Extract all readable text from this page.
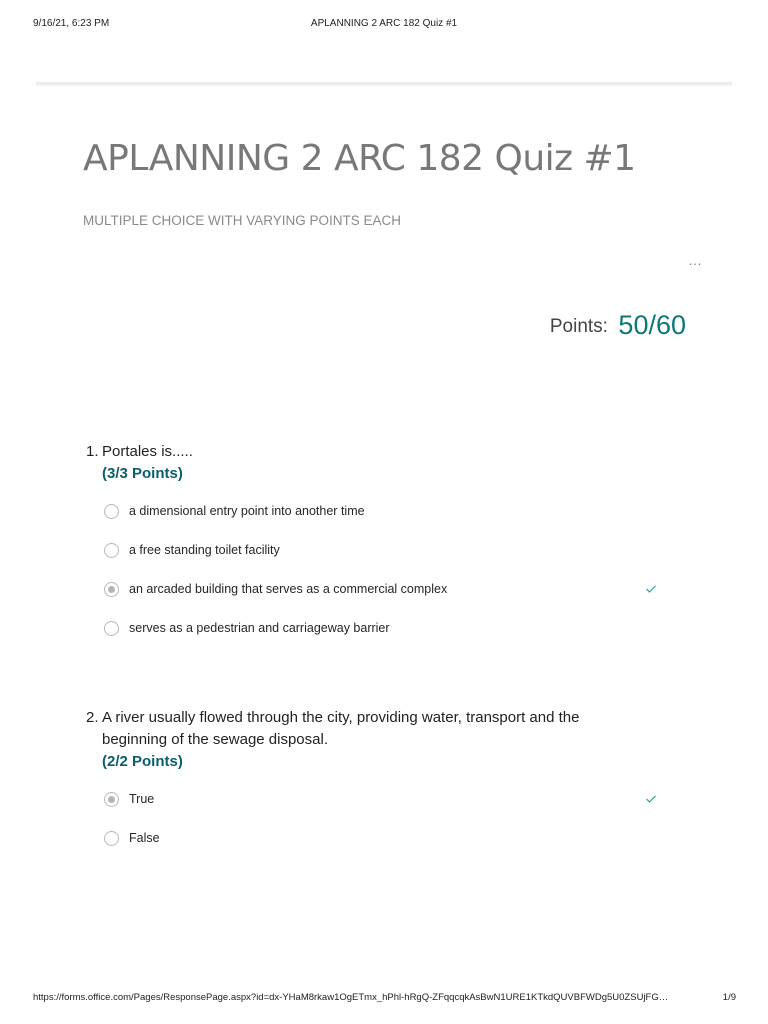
9/16/21, 6:23 PM	APLANNING 2 ARC 182 Quiz #1
APLANNING 2 ARC 182 Quiz #1
MULTIPLE CHOICE WITH VARYING POINTS EACH
…
Points: 50/60
1. Portales is.....
(3/3 Points)
a dimensional entry point into another time
a free standing toilet facility
an arcaded building that serves as a commercial complex
serves as a pedestrian and carriageway barrier
2. A river usually flowed through the city, providing water, transport and the
beginning of the sewage disposal.
(2/2 Points)
True
False
https://forms.office.com/Pages/ResponsePage.aspx?id=dx-YHaM8rkaw1OgETmx_hPhl-hRgQ-ZFqqcqkAsBwN1URE1KTkdQUVBFWDg5U0ZSUjFG…	1/9
